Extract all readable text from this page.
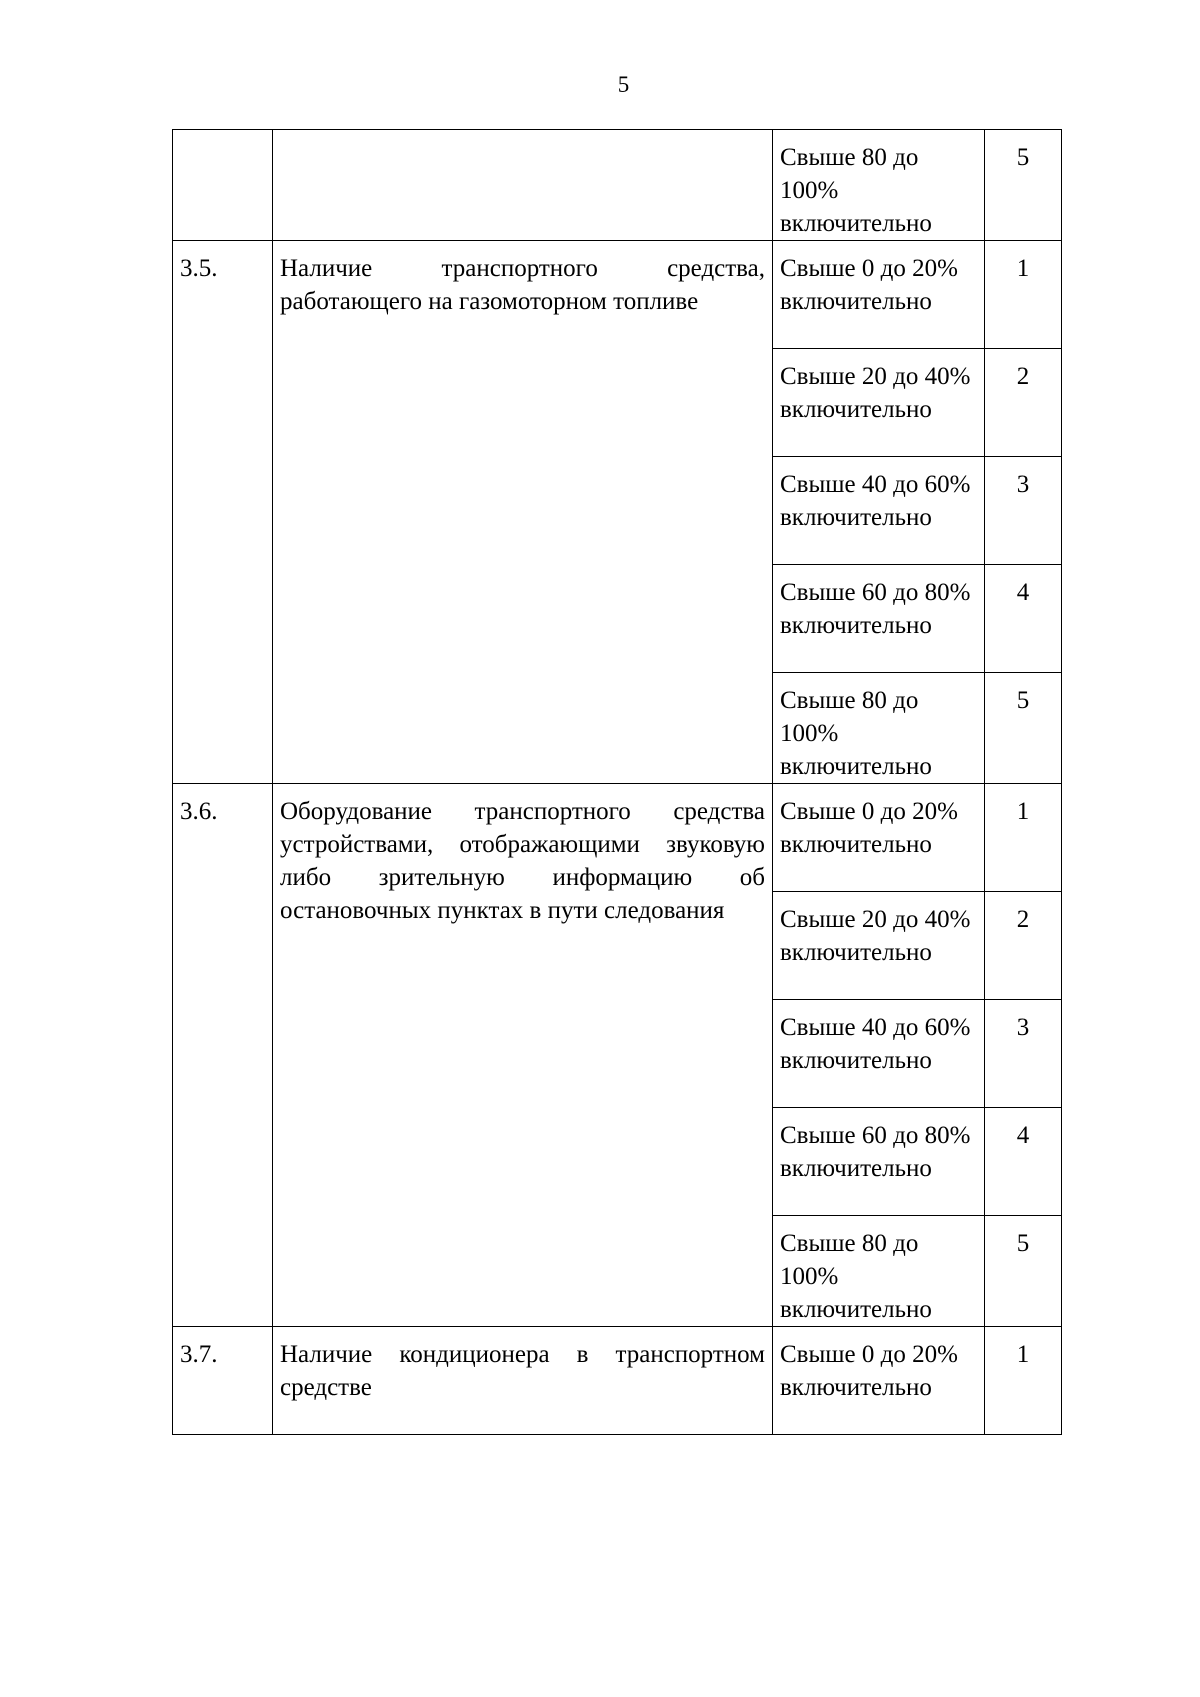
5
		Свыше 80 до 100% включительно	5
3.5.	Наличие транспортного средства, работающего на газомоторном топливе	Свыше 0 до 20% включительно	1
		Свыше 20 до 40% включительно	2
		Свыше 40 до 60% включительно	3
		Свыше 60 до 80% включительно	4
		Свыше 80 до 100% включительно	5
3.6.	Оборудование транспортного средства устройствами, отображающими звуковую либо зрительную информацию об остановочных пунктах в пути следования	Свыше 0 до 20% включительно	1
		Свыше 20 до 40% включительно	2
		Свыше 40 до 60% включительно	3
		Свыше 60 до 80% включительно	4
		Свыше 80 до 100% включительно	5
3.7.	Наличие кондиционера в транспортном средстве	Свыше 0 до 20% включительно	1
